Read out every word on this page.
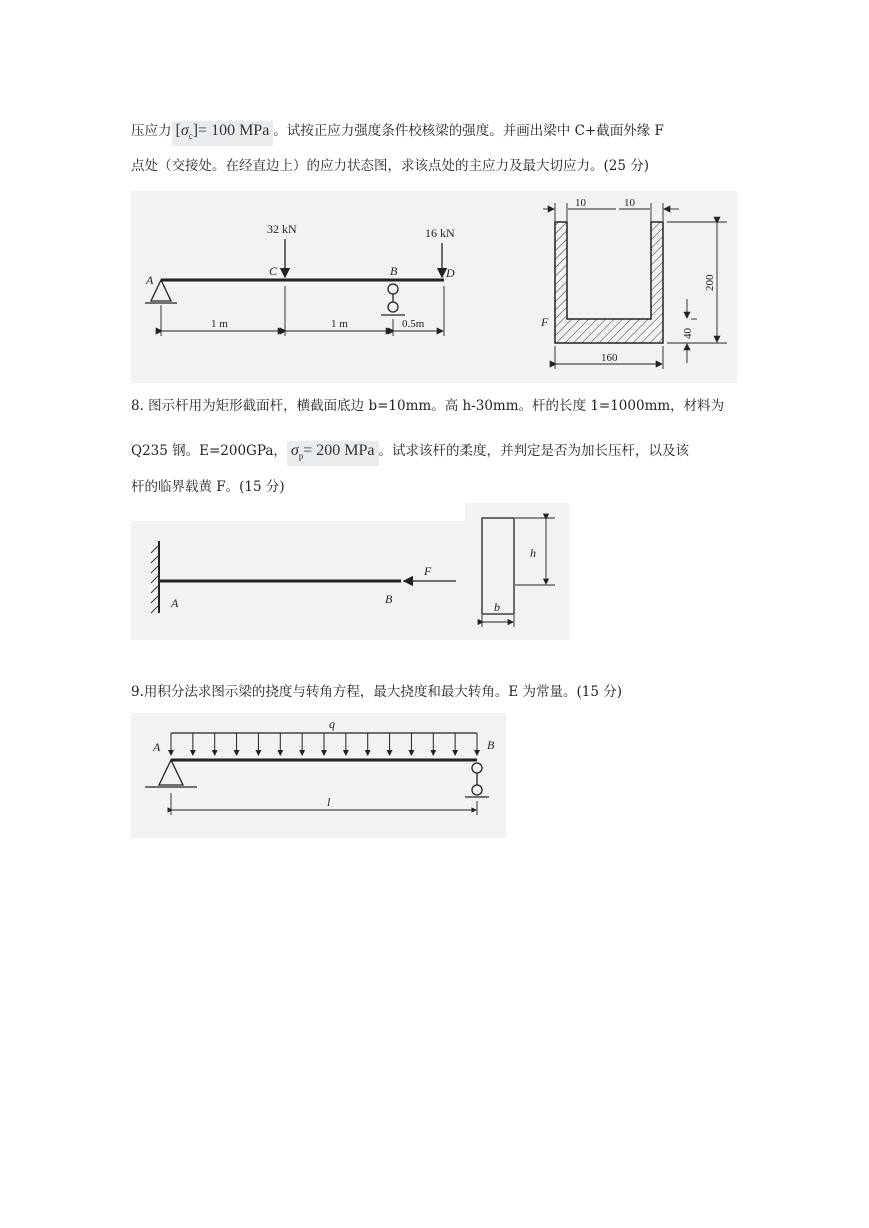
压应力 $[\sigma_c]= 100$ MPa 。试按正应力强度条件校核梁的强度。并画出梁中 C+截面外缘 F
点处（交接处。在经直边上）的应力状态图，求该点处的主应力及最大切应力。(25 分)
32 kN	16 kN
A
C	B	D
1 m	1 m	0.5m
10	10
200
40
160
F
8. 图示杆用为矩形截面杆，横截面底边 b=10mm。高 h-30mm。杆的长度 1=1000mm，材料为
Q235 钢。E=200GPa， $\sigma_p= 200$ MPa 。试求该杆的柔度，并判定是否为加长压杆，以及该
杆的临界载黄 F。(15 分)
F
A	B
h
b
9.用积分法求图示梁的挠度与转角方程，最大挠度和最大转角。E 为常量。(15 分)
q
A	B
l
